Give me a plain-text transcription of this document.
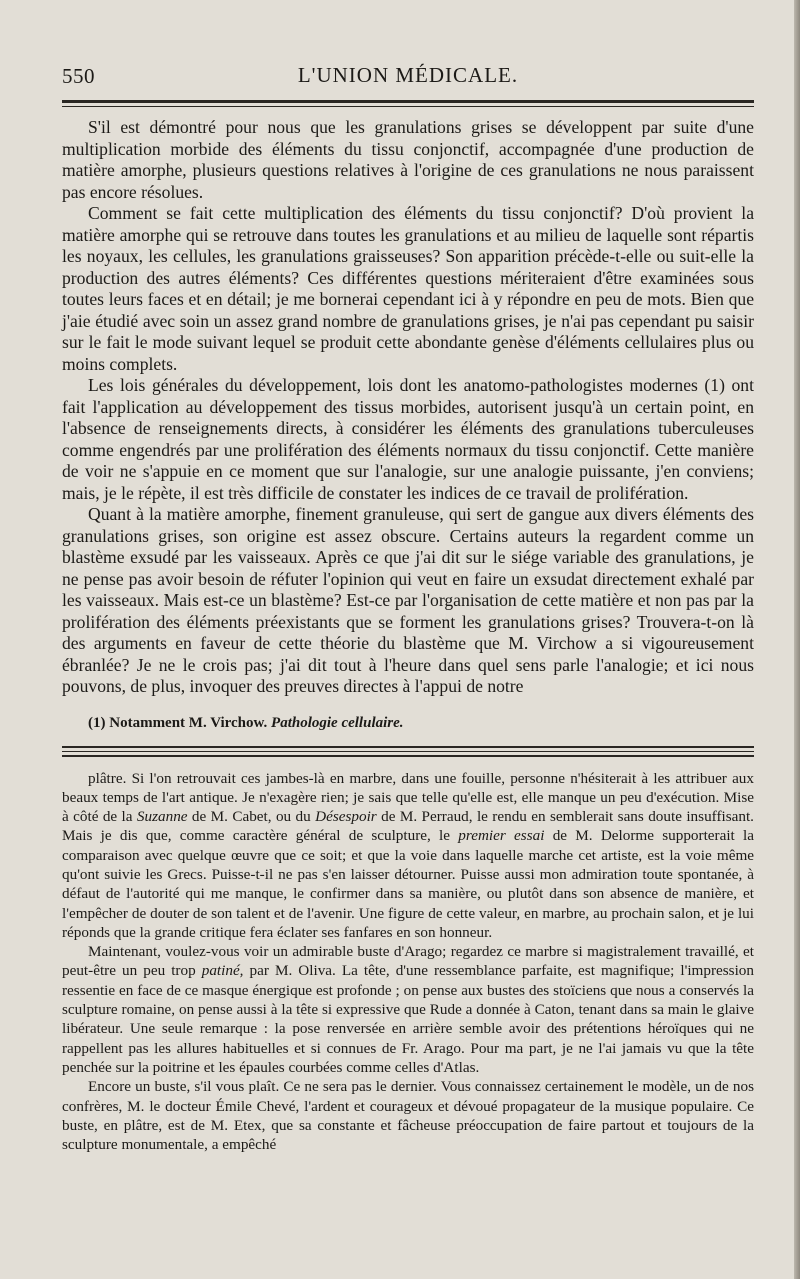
550	L'UNION MÉDICALE.

S'il est démontré pour nous que les granulations grises se développent par suite d'une multiplication morbide des éléments du tissu conjonctif, accompagnée d'une production de matière amorphe, plusieurs questions relatives à l'origine de ces granulations ne nous paraissent pas encore résolues.

Comment se fait cette multiplication des éléments du tissu conjonctif? D'où provient la matière amorphe qui se retrouve dans toutes les granulations et au milieu de laquelle sont répartis les noyaux, les cellules, les granulations graisseuses? Son apparition précède-t-elle ou suit-elle la production des autres éléments? Ces différentes questions mériteraient d'être examinées sous toutes leurs faces et en détail; je me bornerai cependant ici à y répondre en peu de mots. Bien que j'aie étudié avec soin un assez grand nombre de granulations grises, je n'ai pas cependant pu saisir sur le fait le mode suivant lequel se produit cette abondante genèse d'éléments cellulaires plus ou moins complets.

Les lois générales du développement, lois dont les anatomo-pathologistes modernes (1) ont fait l'application au développement des tissus morbides, autorisent jusqu'à un certain point, en l'absence de renseignements directs, à considérer les éléments des granulations tuberculeuses comme engendrés par une prolifération des éléments normaux du tissu conjonctif. Cette manière de voir ne s'appuie en ce moment que sur l'analogie, sur une analogie puissante, j'en conviens; mais, je le répète, il est très difficile de constater les indices de ce travail de prolifération.

Quant à la matière amorphe, finement granuleuse, qui sert de gangue aux divers éléments des granulations grises, son origine est assez obscure. Certains auteurs la regardent comme un blastème exsudé par les vaisseaux. Après ce que j'ai dit sur le siége variable des granulations, je ne pense pas avoir besoin de réfuter l'opinion qui veut en faire un exsudat directement exhalé par les vaisseaux. Mais est-ce un blastème? Est-ce par l'organisation de cette matière et non pas par la prolifération des éléments préexistants que se forment les granulations grises? Trouvera-t-on là des arguments en faveur de cette théorie du blastème que M. Virchow a si vigoureusement ébranlée? Je ne le crois pas; j'ai dit tout à l'heure dans quel sens parle l'analogie; et ici nous pouvons, de plus, invoquer des preuves directes à l'appui de notre

(1) Notamment M. Virchow. Pathologie cellulaire.

plâtre. Si l'on retrouvait ces jambes-là en marbre, dans une fouille, personne n'hésiterait à les attribuer aux beaux temps de l'art antique. Je n'exagère rien; je sais que telle qu'elle est, elle manque un peu d'exécution. Mise à côté de la Suzanne de M. Cabet, ou du Désespoir de M. Perraud, le rendu en semblerait sans doute insuffisant. Mais je dis que, comme caractère général de sculpture, le premier essai de M. Delorme supporterait la comparaison avec quelque œuvre que ce soit; et que la voie dans laquelle marche cet artiste, est la voie même qu'ont suivie les Grecs. Puisse-t-il ne pas s'en laisser détourner. Puisse aussi mon admiration toute spontanée, à défaut de l'autorité qui me manque, le confirmer dans sa manière, ou plutôt dans son absence de manière, et l'empêcher de douter de son talent et de l'avenir. Une figure de cette valeur, en marbre, au prochain salon, et je lui réponds que la grande critique fera éclater ses fanfares en son honneur.

Maintenant, voulez-vous voir un admirable buste d'Arago; regardez ce marbre si magistralement travaillé, et peut-être un peu trop patiné, par M. Oliva. La tête, d'une ressemblance parfaite, est magnifique; l'impression ressentie en face de ce masque énergique est profonde ; on pense aux bustes des stoïciens que nous a conservés la sculpture romaine, on pense aussi à la tête si expressive que Rude a donnée à Caton, tenant dans sa main le glaive libérateur. Une seule remarque : la pose renversée en arrière semble avoir des prétentions héroïques qui ne rappellent pas les allures habituelles et si connues de Fr. Arago. Pour ma part, je ne l'ai jamais vu que la tête penchée sur la poitrine et les épaules courbées comme celles d'Atlas.

Encore un buste, s'il vous plaît. Ce ne sera pas le dernier. Vous connaissez certainement le modèle, un de nos confrères, M. le docteur Émile Chevé, l'ardent et courageux et dévoué propagateur de la musique populaire. Ce buste, en plâtre, est de M. Etex, que sa constante et fâcheuse préoccupation de faire partout et toujours de la sculpture monumentale, a empêché
